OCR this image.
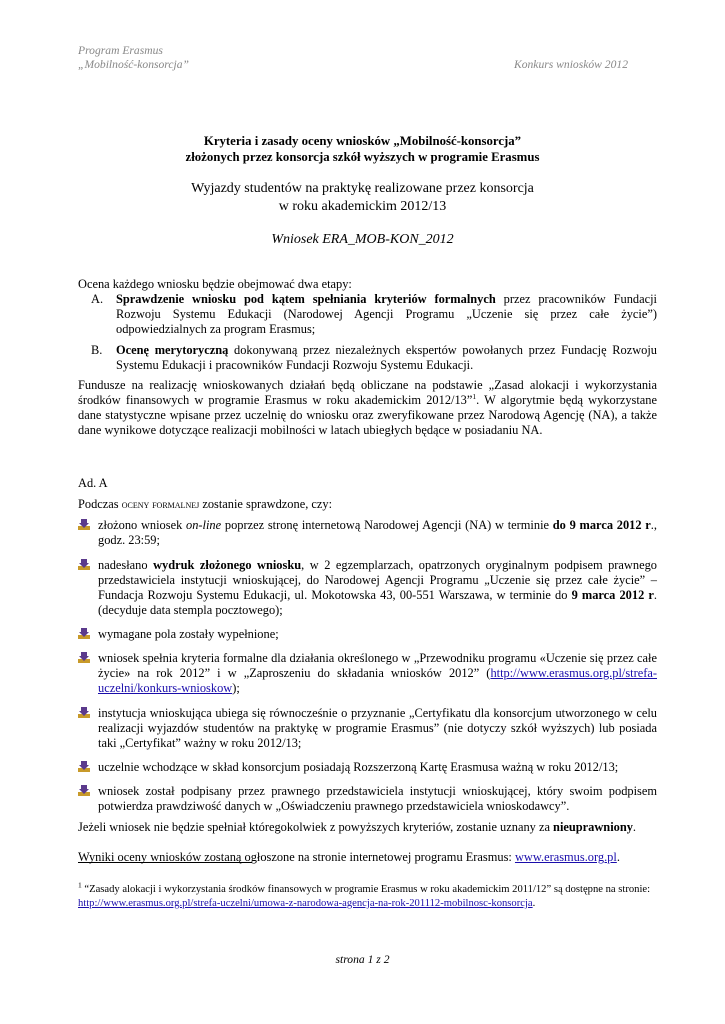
Program Erasmus
„Mobilność-konsorcja”	Konkurs wniosków 2012
Kryteria i zasady oceny wniosków „Mobilność-konsorcja”
złożonych przez konsorcja szkół wyższych w programie Erasmus
Wyjazdy studentów na praktykę realizowane przez konsorcja
w roku akademickim 2012/13
Wniosek ERA_MOB-KON_2012

Ocena każdego wniosku będzie obejmować dwa etapy:

A. Sprawdzenie wniosku pod kątem spełniania kryteriów formalnych przez pracowników Fundacji Rozwoju Systemu Edukacji (Narodowej Agencji Programu „Uczenie się przez całe życie”) odpowiedzialnych za program Erasmus;
B. Ocenę merytoryczną dokonywaną przez niezależnych ekspertów powołanych przez Fundację Rozwoju Systemu Edukacji i pracowników Fundacji Rozwoju Systemu Edukacji.

Fundusze na realizację wnioskowanych działań będą obliczane na podstawie „Zasad alokacji i wykorzystania środków finansowych w programie Erasmus w roku akademickim 2012/13”$^1$. W algorytmie będą wykorzystane dane statystyczne wpisane przez uczelnię do wniosku oraz zweryfikowane przez Narodową Agencję (NA), a także dane wynikowe dotyczące realizacji mobilności w latach ubiegłych będące w posiadaniu NA.

Ad. A

Podczas oceny formalnej zostanie sprawdzone, czy:

złożono wniosek on-line poprzez stronę internetową Narodowej Agencji (NA) w terminie do 9 marca 2012 r., godz. 23:59;
nadesłano wydruk złożonego wniosku, w 2 egzemplarzach, opatrzonych oryginalnym podpisem prawnego przedstawiciela instytucji wnioskującej, do Narodowej Agencji Programu „Uczenie się przez całe życie” – Fundacja Rozwoju Systemu Edukacji, ul. Mokotowska 43, 00-551 Warszawa, w terminie do 9 marca 2012 r. (decyduje data stempla pocztowego);
wymagane pola zostały wypełnione;
wniosek spełnia kryteria formalne dla działania określonego w „Przewodniku programu «Uczenie się przez całe życie» na rok 2012” i w „Zaproszeniu do składania wniosków 2012” (http://www.erasmus.org.pl/strefa-uczelni/konkurs-wnioskow);
instytucja wnioskująca ubiega się równocześnie o przyznanie „Certyfikatu dla konsorcjum utworzonego w celu realizacji wyjazdów studentów na praktykę w programie Erasmus” (nie dotyczy szkół wyższych) lub posiada taki „Certyfikat” ważny w roku 2012/13;
uczelnie wchodzące w skład konsorcjum posiadają Rozszerzoną Kartę Erasmusa ważną w roku 2012/13;
wniosek został podpisany przez prawnego przedstawiciela instytucji wnioskującej, który swoim podpisem potwierdza prawdziwość danych w „Oświadczeniu prawnego przedstawiciela wnioskodawcy”.

Jeżeli wniosek nie będzie spełniał któregokolwiek z powyższych kryteriów, zostanie uznany za nieuprawniony.

Wyniki oceny wniosków zostaną ogłoszone na stronie internetowej programu Erasmus: www.erasmus.org.pl.

$^1$ “Zasady alokacji i wykorzystania środków finansowych w programie Erasmus w roku akademickim 2011/12” są dostępne na stronie: http://www.erasmus.org.pl/strefa-uczelni/umowa-z-narodowa-agencja-na-rok-201112-mobilnosc-konsorcja.
strona 1 z 2
